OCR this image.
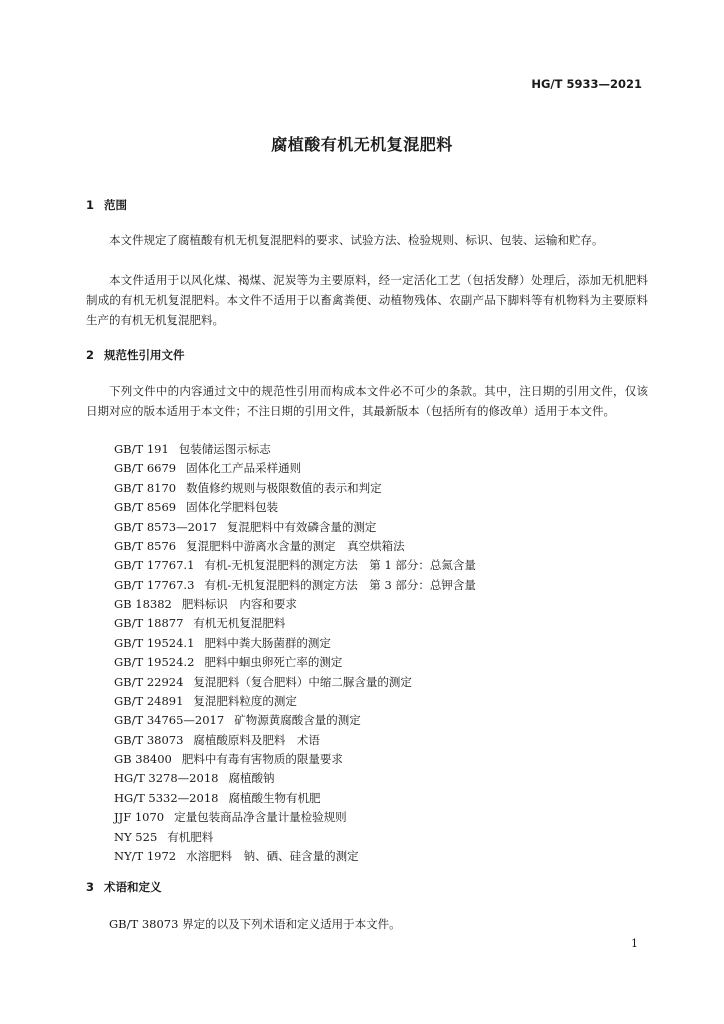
HG/T 5933—2021
腐植酸有机无机复混肥料
1 范围
本文件规定了腐植酸有机无机复混肥料的要求、试验方法、检验规则、标识、包装、运输和贮存。
本文件适用于以风化煤、褐煤、泥炭等为主要原料，经一定活化工艺（包括发酵）处理后，添加无机肥料制成的有机无机复混肥料。本文件不适用于以畜禽粪便、动植物残体、农副产品下脚料等有机物料为主要原料生产的有机无机复混肥料。
2 规范性引用文件
下列文件中的内容通过文中的规范性引用而构成本文件必不可少的条款。其中，注日期的引用文件，仅该日期对应的版本适用于本文件；不注日期的引用文件，其最新版本（包括所有的修改单）适用于本文件。
GB/T 191 包装储运图示标志
GB/T 6679 固体化工产品采样通则
GB/T 8170 数值修约规则与极限数值的表示和判定
GB/T 8569 固体化学肥料包装
GB/T 8573—2017 复混肥料中有效磷含量的测定
GB/T 8576 复混肥料中游离水含量的测定　真空烘箱法
GB/T 17767.1 有机-无机复混肥料的测定方法　第 1 部分：总氮含量
GB/T 17767.3 有机-无机复混肥料的测定方法　第 3 部分：总钾含量
GB 18382 肥料标识　内容和要求
GB/T 18877 有机无机复混肥料
GB/T 19524.1 肥料中粪大肠菌群的测定
GB/T 19524.2 肥料中蛔虫卵死亡率的测定
GB/T 22924 复混肥料（复合肥料）中缩二脲含量的测定
GB/T 24891 复混肥料粒度的测定
GB/T 34765—2017 矿物源黄腐酸含量的测定
GB/T 38073 腐植酸原料及肥料　术语
GB 38400 肥料中有毒有害物质的限量要求
HG/T 3278—2018 腐植酸钠
HG/T 5332—2018 腐植酸生物有机肥
JJF 1070 定量包装商品净含量计量检验规则
NY 525 有机肥料
NY/T 1972 水溶肥料　钠、硒、硅含量的测定
3 术语和定义
GB/T 38073 界定的以及下列术语和定义适用于本文件。
1
